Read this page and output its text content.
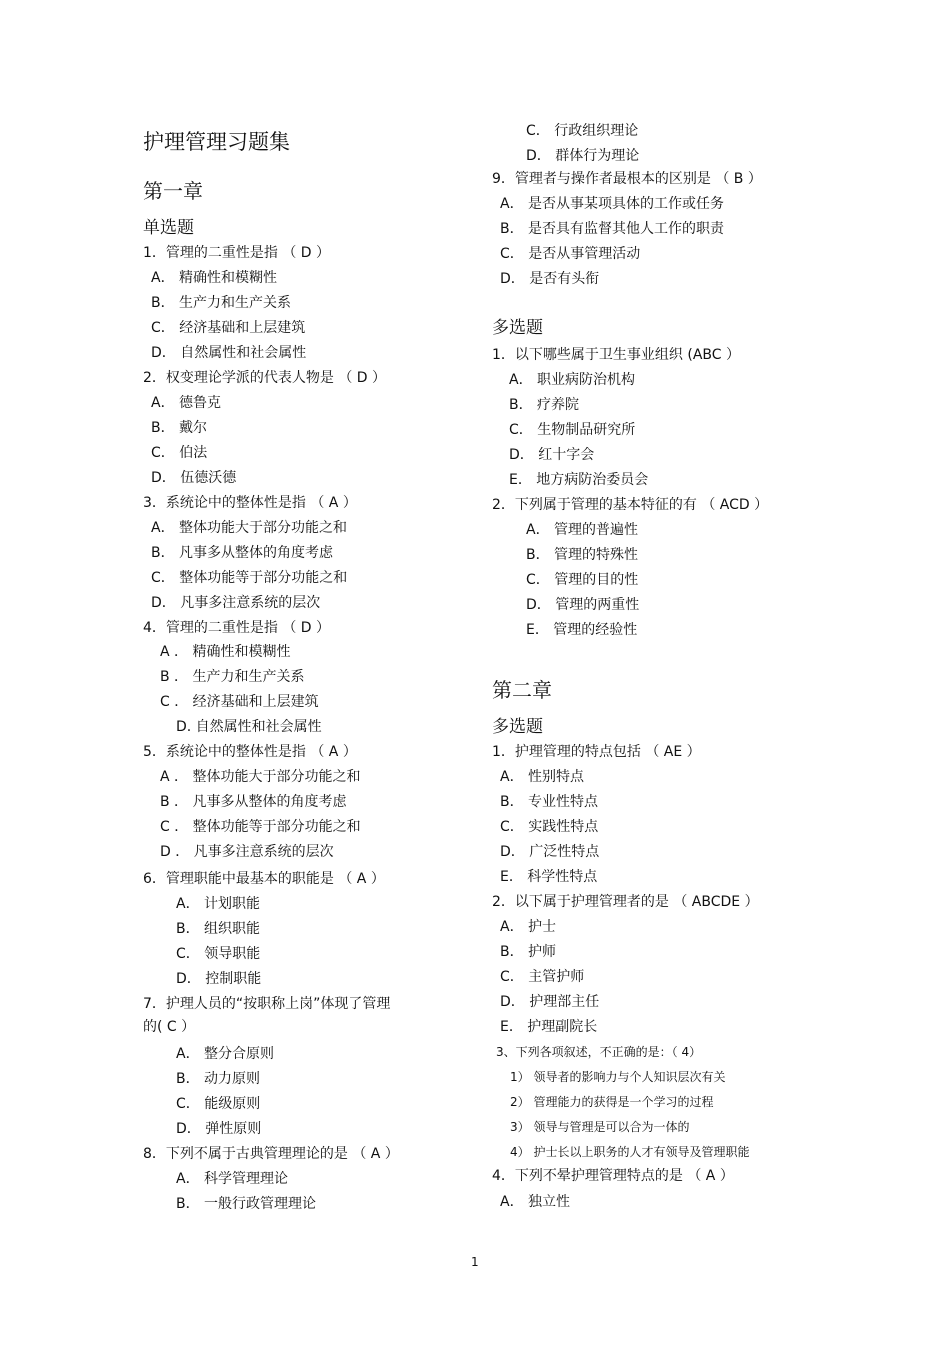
护理管理习题集
第一章
单选题
1．管理的二重性是指 （ D ）
A． 精确性和模糊性
B． 生产力和生产关系
C． 经济基础和上层建筑
D． 自然属性和社会属性
2．权变理论学派的代表人物是 （ D ）
A． 德鲁克
B． 戴尔
C． 伯法
D． 伍德沃德
3．系统论中的整体性是指 （ A ）
A． 整体功能大于部分功能之和
B． 凡事多从整体的角度考虑
C． 整体功能等于部分功能之和
D． 凡事多注意系统的层次
4．管理的二重性是指 （ D ）
A ． 精确性和模糊性
B ． 生产力和生产关系
C ． 经济基础和上层建筑
D. 自然属性和社会属性
5．系统论中的整体性是指 （ A ）
A ． 整体功能大于部分功能之和
B ． 凡事多从整体的角度考虑
C ． 整体功能等于部分功能之和
D ． 凡事多注意系统的层次
6．管理职能中最基本的职能是 （ A ）
A． 计划职能
B． 组织职能
C． 领导职能
D． 控制职能
7．护理人员的“按职称上岗”体现了管理
的( C ）
A． 整分合原则
B． 动力原则
C． 能级原则
D． 弹性原则
8．下列不属于古典管理理论的是 （ A ）
A． 科学管理理论
B． 一般行政管理理论
C． 行政组织理论
D． 群体行为理论
9．管理者与操作者最根本的区别是 （ B ）
A． 是否从事某项具体的工作或任务
B． 是否具有监督其他人工作的职责
C． 是否从事管理活动
D． 是否有头衔
多选题
1．以下哪些属于卫生事业组织 (ABC ）
A． 职业病防治机构
B． 疗养院
C． 生物制品研究所
D． 红十字会
E． 地方病防治委员会
2．下列属于管理的基本特征的有 （ ACD ）
A． 管理的普遍性
B． 管理的特殊性
C． 管理的目的性
D． 管理的两重性
E． 管理的经验性
第二章
多选题
1．护理管理的特点包括 （ AE ）
A． 性别特点
B． 专业性特点
C． 实践性特点
D． 广泛性特点
E． 科学性特点
2．以下属于护理管理者的是 （ ABCDE ）
A． 护士
B． 护师
C． 主管护师
D． 护理部主任
E． 护理副院长
3、下列各项叙述，不正确的是：（ 4）
1） 领导者的影响力与个人知识层次有关
2） 管理能力的获得是一个学习的过程
3） 领导与管理是可以合为一体的
4） 护士长以上职务的人才有领导及管理职能
4．下列不晕护理管理特点的是 （ A ）
A． 独立性
1
